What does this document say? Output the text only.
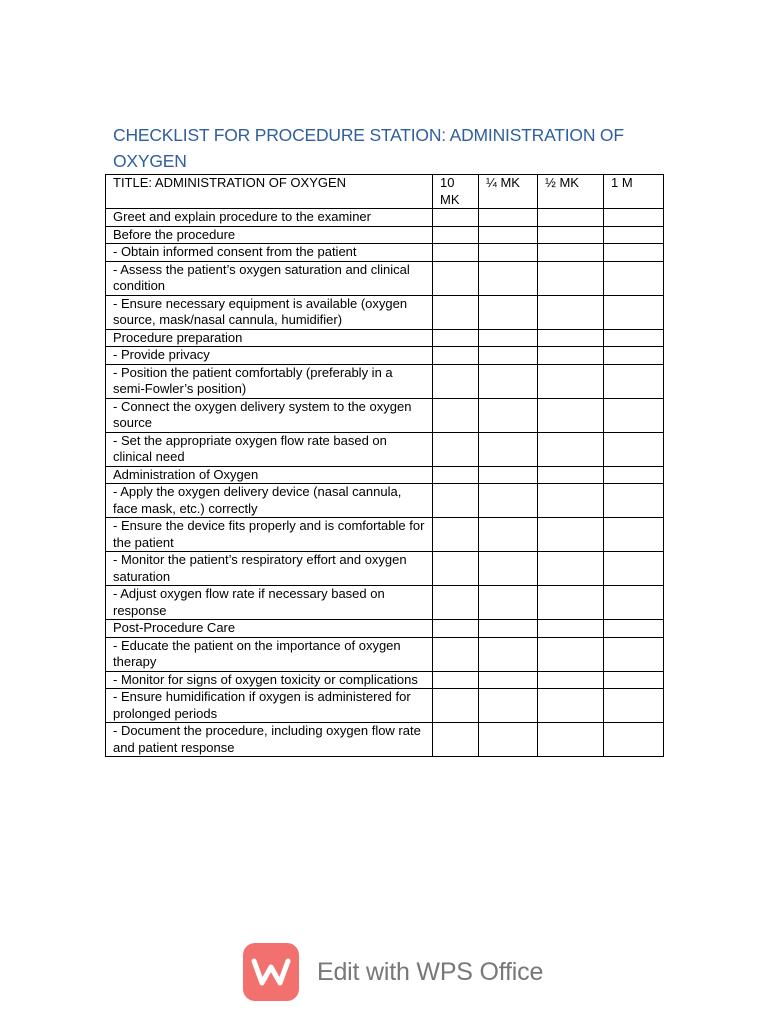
CHECKLIST FOR PROCEDURE STATION: ADMINISTRATION OF OXYGEN
TITLE: ADMINISTRATION OF OXYGEN	10 MK	¼ MK	½ MK	1 M
Greet and explain procedure to the examiner				
Before the procedure				
- Obtain informed consent from the patient				
- Assess the patient’s oxygen saturation and clinical condition				
- Ensure necessary equipment is available (oxygen source, mask/nasal cannula, humidifier)				
Procedure preparation				
- Provide privacy				
- Position the patient comfortably (preferably in a semi-Fowler’s position)				
- Connect the oxygen delivery system to the oxygen source				
- Set the appropriate oxygen flow rate based on clinical need				
Administration of Oxygen				
- Apply the oxygen delivery device (nasal cannula, face mask, etc.) correctly				
- Ensure the device fits properly and is comfortable for the patient				
- Monitor the patient’s respiratory effort and oxygen saturation				
- Adjust oxygen flow rate if necessary based on response				
Post-Procedure Care				
- Educate the patient on the importance of oxygen therapy				
- Monitor for signs of oxygen toxicity or complications				
- Ensure humidification if oxygen is administered for prolonged periods				
- Document the procedure, including oxygen flow rate and patient response				
Edit with WPS Office
